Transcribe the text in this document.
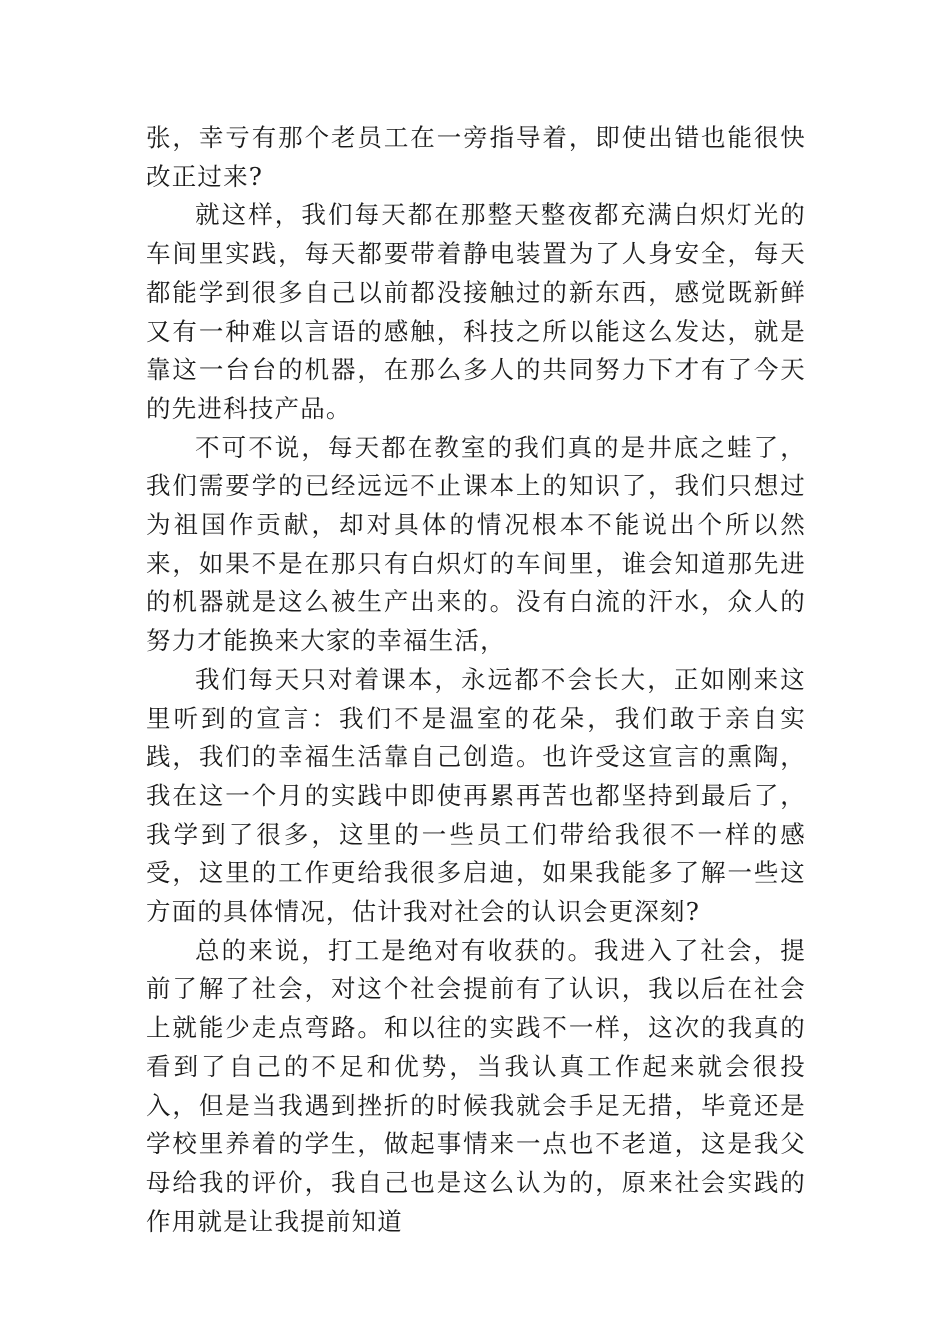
张，幸亏有那个老员工在一旁指导着，即使出错也能很快改正过来?

就这样，我们每天都在那整天整夜都充满白炽灯光的车间里实践，每天都要带着静电装置为了人身安全，每天都能学到很多自己以前都没接触过的新东西，感觉既新鲜又有一种难以言语的感触，科技之所以能这么发达，就是靠这一台台的机器，在那么多人的共同努力下才有了今天的先进科技产品。

不可不说，每天都在教室的我们真的是井底之蛙了，我们需要学的已经远远不止课本上的知识了，我们只想过为祖国作贡献，却对具体的情况根本不能说出个所以然来，如果不是在那只有白炽灯的车间里，谁会知道那先进的机器就是这么被生产出来的。没有白流的汗水，众人的努力才能换来大家的幸福生活，

我们每天只对着课本，永远都不会长大，正如刚来这里听到的宣言：我们不是温室的花朵，我们敢于亲自实践，我们的幸福生活靠自己创造。也许受这宣言的熏陶，我在这一个月的实践中即使再累再苦也都坚持到最后了，我学到了很多，这里的一些员工们带给我很不一样的感受，这里的工作更给我很多启迪，如果我能多了解一些这方面的具体情况，估计我对社会的认识会更深刻?

总的来说，打工是绝对有收获的。我进入了社会，提前了解了社会，对这个社会提前有了认识，我以后在社会上就能少走点弯路。和以往的实践不一样，这次的我真的看到了自己的不足和优势，当我认真工作起来就会很投入，但是当我遇到挫折的时候我就会手足无措，毕竟还是学校里养着的学生，做起事情来一点也不老道，这是我父母给我的评价，我自己也是这么认为的，原来社会实践的作用就是让我提前知道
